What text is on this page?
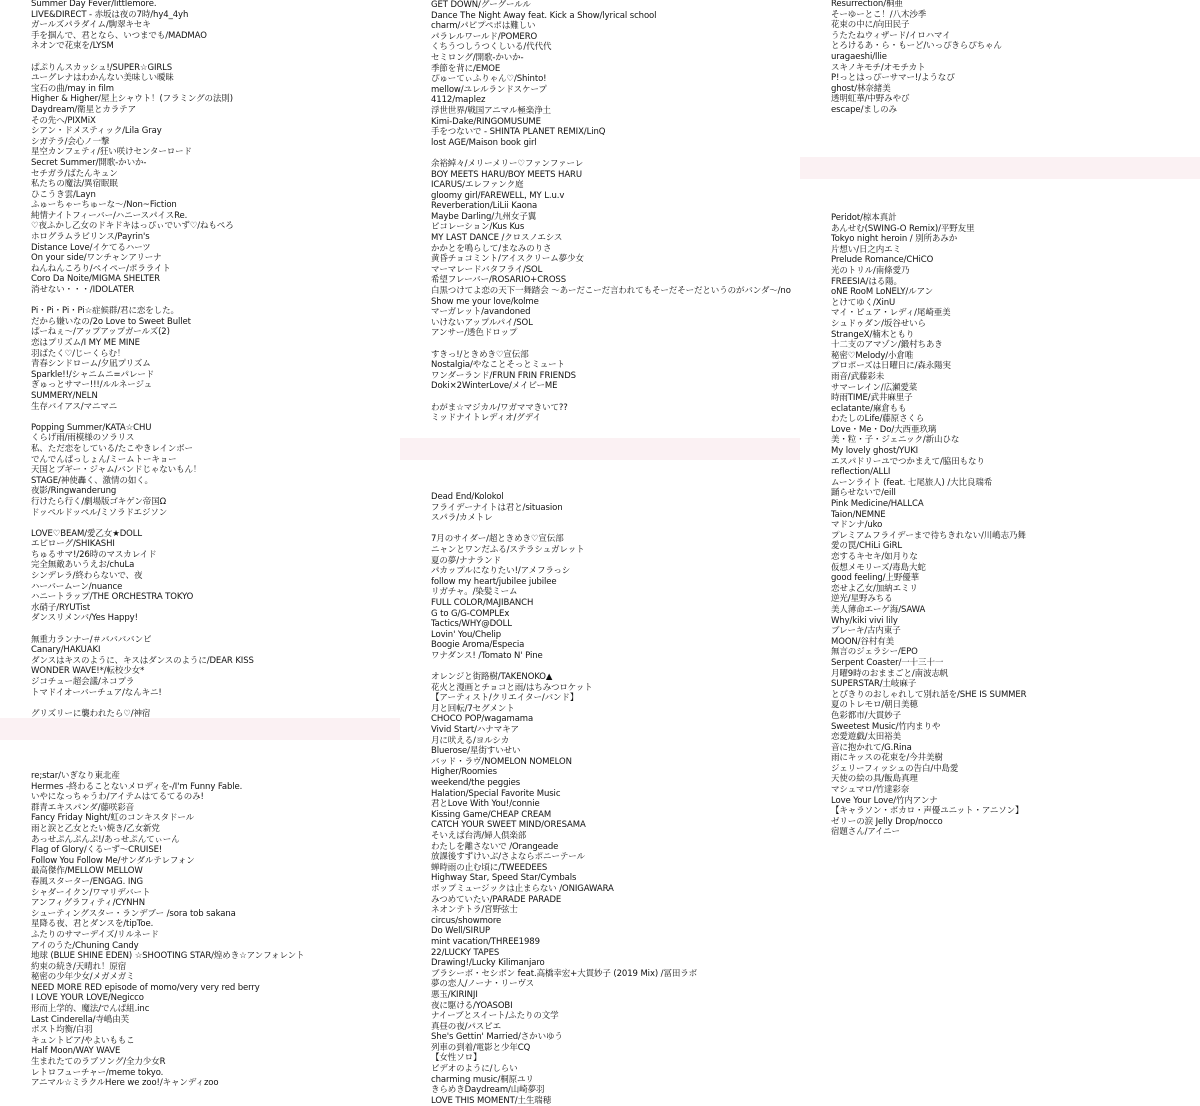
Summer Day Fever/littlemore.
LIVE&DIRECT - 赤坂は夜の7時/hy4_4yh
ガールズパラダイム/駒翠キセキ
手を掴んで、君となら、いつまでも/MADMAO
ネオンで花束を/LYSM
ぱぷりんスカッシュ!/SUPER☆GIRLS
ユーグレナはわかんない美味しい曖昧
宝石の曲/may in film
Higher & Higher/屋上シャウト！(フラミングの法則)
Daydream/衛星とカラテア
その先へ/PIXMiX
シアン・ドメスティック/Lila Gray
シガテラ/会心ノ一撃
星空カンフェティ/狂い咲けセンターロード
Secret Summer/開歌-かいか-
セチガラ/ばたんキュン
私たちの魔法/異宿眠眠
ひこうき雲/Layn
ふゅーちゃーちゅーな〜/Non~Fiction
純情ナイトフィーバー/ハニースパイスRe.
♡夜ふかし乙女のドキドキはっぴぃでいず♡/ねもぺろ
ホログラムラビリンス/Payrin's
Distance Love/イケてるハーツ
On your side/ワンチャンアリーナ
ねんねんころり/ペイペー/ポラライト
Coro Da Noite/MIGMA SHELTER
消せない・・・/IDOLATER
Pi・Pi・Pi・Pi☆症候群/君に恋をした。
だから嫌いなの/2o Love to Sweet Bullet
ぱーねぇ〜/アップアップガールズ(2)
恋はプリズム/I MY ME MINE
羽ばたく♡/じーくらむ！
青春シンドローム/夕凪プリズム
Sparkle!!/シャニムニ=パレード
ぎゅっとサマー!!!/ルルネージュ
SUMMERY/NELN
生存バイアス/マニマニ
Popping Summer/KATA☆CHU
くらげ雨/雨模様のソラリス
私、ただ恋をしている/たこやきレインボー
でんでんぱっしょん/ミームトーキョー
天国とブギー・ジャム/バンドじゃないもん！
STAGE/神使轟く、激情の如く。
夜影/Ringwanderung
行けたら行く/劇場版ゴキゲン帝国Ω
ドッペルドッペル/ミソラドエジソン
LOVE♡BEAM/愛乙女★DOLL
エピローグ/SHIKASHI
ちゅるサマ!/26時のマスカレイド
完全無敵あいうえお/chuLa
シンデレラ/終わらないで、夜
ハーバームーン/nuance
ハニートラップ/THE ORCHESTRA TOKYO
水硝子/RYUTist
ダンスリメンバ/Yes Happy!
無重力ランナー/＃ババババンビ
Canary/HAKUAKI
ダンスはキスのように、キスはダンスのように/DEAR KISS
WONDER WAVE!*/転校少女*
ジコチュー超会議/ネコプラ
トマドイオーバーチュア/なんキニ!
グリズリーに襲われたら♡/神宿
re;star/いぎなり東北産
Hermes -終わることないメロディを-/I'm Funny Fable.
いやになっちゃうわ/アイテムはてるてるのみ!
群青エキスパンダ/藤咲彩音
Fancy Friday Night/虹のコンキスタドール
雨と涙と乙女とたい焼き/乙女新党
あっせぷんぷんぷ!/あっせぷんてぃーん
Flag of Glory/くるーず〜CRUISE!
Follow You Follow Me/サンダルテレフォン
最高傑作/MELLOW MELLOW
春風スターター/ENGAG. ING
シャダーイクン/ワマリデバート
アンフィグラフィティ/CYNHN
シューティングスター・ランデブー /sora tob sakana
星降る夜、君とダンスを/tipToe.
ふたりのサマーデイズ/リルネード
アイのうた/Chuning Candy
地球 (BLUE SHINE EDEN) ☆SHOOTING STAR/煌めき☆アンフォレント
約束の続き/天晴れ！原宿
秘密の少年少女/メガメガミ
NEED MORE RED episode of momo/very very red berry
I LOVE YOUR LOVE/Negicco
形而上学的、魔法/でんぱ組.inc
Last Cinderella/寺嶋由芙
ポスト均衡/白羽
キュントピア/やよいももこ
Half Moon/WAY WAVE
生まれたてのラブソング/全力少女R
レトロフューチャー/meme tokyo.
アニマル☆ミラクルHere we zoo!/キャンディzoo
GET DOWN/グーグールル
Dance The Night Away feat. Kick a Show/lyrical school
charm/パピプペポは難しい
パラレルワールド/POMERO
くちうつしうつくしいる/代代代
セミロング/開歌-かいか-
季節を背に/EMOE
ぴゅーてぃふりゃん♡/Shinto!
mellow/ユレルランドスケープ
4112/maplez
浮世世界/戦国アニマル極楽浄土
Kimi-Dake/RINGOMUSUME
手をつないで - SHINTA PLANET REMIX/LinQ
lost AGE/Maison book girl
余裕綽々/メリーメリー♡ファンファーレ
BOY MEETS HARU/BOY MEETS HARU
ICARUS/エレファンク庭
gloomy girl/FAREWELL, MY L.u.v
Reverberation/LiLii Kaona
Maybe Darling/九州女子翼
ピコレーション/Kus Kus
MY LAST DANCE /クロスノエシス
かかとを鳴らして/まなみのりさ
黄昏チョコミント/アイスクリーム夢少女
マーマレードバタフライ/SOL
希望フレーバー/ROSARIO+CROSS
白黒つけてよ恋の天下一舞踏会 〜あーだこーだ言われてもそーだそーだというのがバンダ〜/no
Show me your love/kolme
マーガレット/avandoned
いけないアップルパイ/SOL
アンサー/透色ドロップ
すきっ!/ときめき♡宣伝部
Nostalgia/やなことそっとミュート
ワンダーランド/FRUN FRIN FRIENDS
Doki×2WinterLove/メイビーME
わがま☆マジカル/ワガママきいて??
ミッドナイトレディオ/グデイ
Dead End/Kolokol
フライデーナイトは君と/situasion
スパラ/カメトレ
7月のサイダー/超ときめき♡宣伝部
ニャンとワンだふる/ステラシュガレット
夏の夢/ナナランド
パカップルになりたい!/アメフラっシ
follow my heart/jubilee jubilee
リガチャ。/染髪ミーム
FULL COLOR/MAJIBANCH
G to G/G-COMPLEx
Tactics/WHY@DOLL
Lovin' You/Chelip
Boogie Aroma/Especia
ワナダンス! /Tomato N' Pine
オレンジと街路樹/TAKENOKO▲
花火と漫画とチョコと雨/はちみつロケット
【アーティスト/クリエイター/バンド】
月と回転/7セグメント
CHOCO POP/wagamama
Vivid Start/ハナマキア
月に吠える/ヨルシカ
Bluerose/星街すいせい
バッド・ラヴ/NOMELON NOMELON
Higher/Roomies
weekend/the peggies
Halation/Special Favorite Music
君とLove With You!/connie
Kissing Game/CHEAP CREAM
CATCH YOUR SWEET MIND/ORESAMA
そいえば台湾/婦人倶楽部
わたしを離さないで /Orangeade
放課後すずけいぶ/さよならポニーテール
蝉時雨の止む頃に/TWEEDEES
Highway Star, Speed Star/Cymbals
ポップミュージックは止まらない /ONIGAWARA
みつめていたい/PARADE PARADE
ネオンテトラ/宮野弦士
circus/showmore
Do Well/SIRUP
mint vacation/THREE1989
22/LUCKY TAPES
Drawing!/Lucky Kilimanjaro
ブラシーボ・セシボン feat.高橋幸宏+大貫妙子 (2019 Mix) /冨田ラボ
夢の恋人/ノーナ・リーヴス
悪玉/KIRINJI
夜に駆ける/YOASOBI
ナイーブとスイート/ふたりの文学
真昼の夜/パスピエ
She's Gettin' Married/さかいゆう
列車の到着/電影と少年CQ
【女性ソロ】
ビデオのように/しらい
charming music/桐原ユリ
きらめきDaydream/山崎夢羽
LOVE THIS MOMENT/土生瑞穂
Resurrection/桐亜
そーゆーとこ！/八木沙季
花束の中に/向田民子
うたたねウィザード/イロハマイ
とろけるあ・ら・もーど/いっぴきらぴちゃん
uragaeshi/llie
スキノキモチ/オモチカト
P!っとはっぴーサマー!/ようなぴ
ghost/林奈緒美
透明虹華/中野みやび
escape/ましのみ
Peridot/椋本真計
あんせむ(SWING-O Remix)/平野友里
Tokyo night heroin / 別所あみか
片想い/日之内エミ
Prelude Romance/CHiCO
光のトリル/南條愛乃
FREESIA/はる陽。
oNE RooM LoNELY/ルアン
とけてゆく/XinU
マイ・ピュア・レディ/尾崎亜美
シュドゥダン/坂谷せいら
StrangeX/楠木ともり
十二支のアマゾン/鍛村ちあき
秘密♡Melody/小倉唯
プロポーズは日曜日に/森永陽実
雨音/武藤彩未
サマーレイン/広瀬愛菜
時雨TIME/武井麻里子
eclatante/麻倉もも
わたしのLife/藤原さくら
Love・Me・Do/大西亜玖璃
美・粒・子・ジェニック/新山ひな
My lovely ghost/YUKI
エスパドリーユでつかまえて/脇田もなり
reflection/ALLI
ムーンライト (feat. 七尾旅人) /大比良瑞希
踊らせないで/eill
Pink Medicine/HALLCA
Taion/NEMNE
マドンナ/uko
プレミアムフライデーまで待ちきれない/川嶋志乃舞
愛の罠/CHiLi GiRL
恋するキセキ/如月りな
仮想メモリーズ/毒島大蛇
good feeling/上野優華
恋せよ乙女/加納エミリ
逆光/星野みちる
美人薄命エーゲ海/SAWA
Why/kiki vivi lily
ブレーキ/古内東子
MOON/谷村有美
無言のジェラシー/EPO
Serpent Coaster/一十三十一
月曜9時のおままごと/南波志帆
SUPERSTAR/土岐麻子
とびきりのおしゃれして別れ話を/SHE IS SUMMER
夏のトレモロ/朝日美穂
色彩都市/大貫妙子
Sweetest Music/竹内まりや
恋愛遊戯/太田裕美
音に抱かれて/G.Rina
雨にキッスの花束を/今井美樹
ジェリーフィッシュの告白/中島愛
天使の絵の具/飯島真理
マシュマロ/竹達彩奈
Love Your Love/竹内アンナ
【キャラソン・ボカロ・声優ユニット・アニソン】
ゼリーの涙 Jelly Drop/nocco
宿題さん/アイニー
